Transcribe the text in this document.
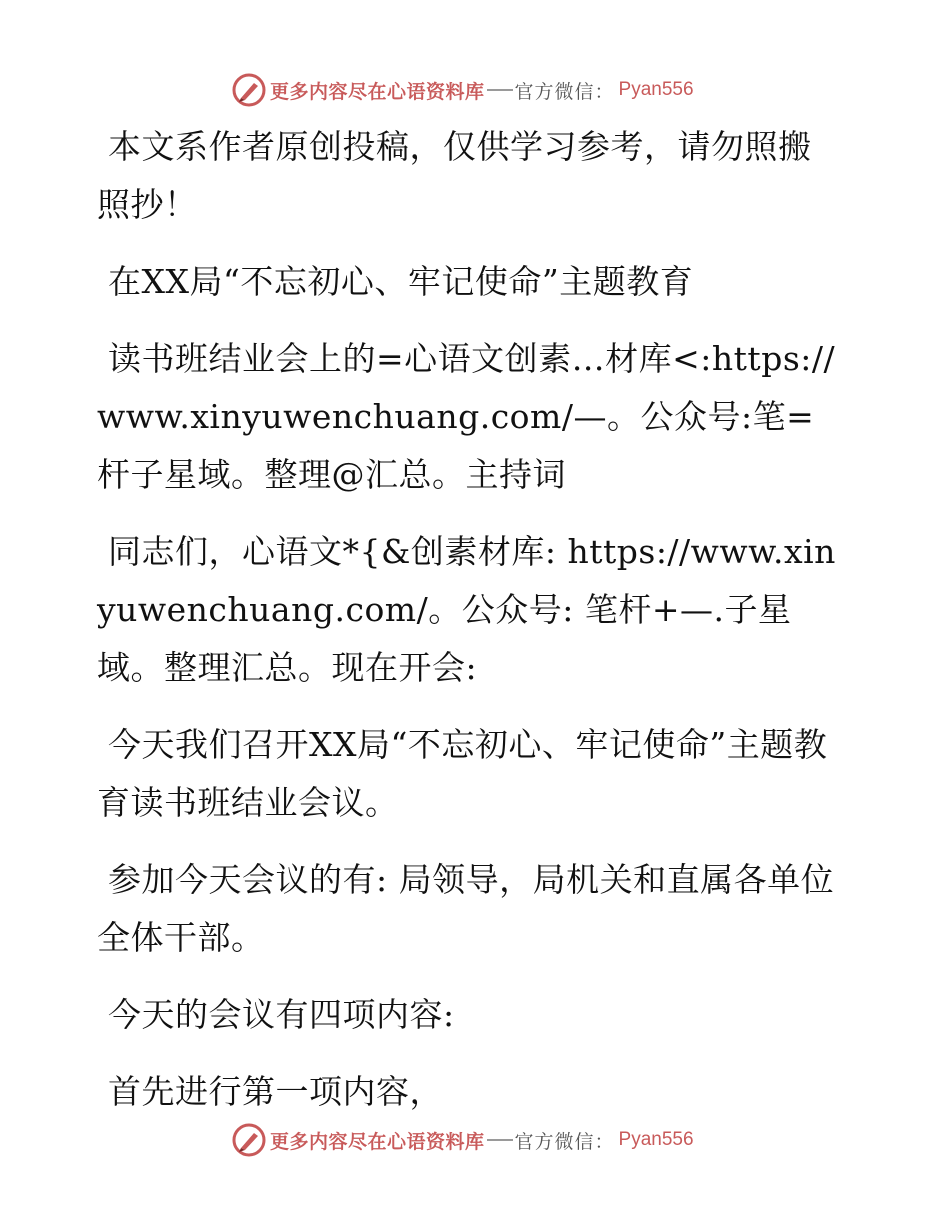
更多内容尽在心语资料库 官方微信： Pyan556

本文系作者原创投稿，仅供学习参考，请勿照搬照抄！

在XX局“不忘初心、牢记使命”主题教育

读书班结业会上的=心语文创素…材库<:https://www.xinyuwenchuang.com/—。公众号:笔=杆子星域。整理@汇总。主持词

同志们，心语文*{&创素材库: https://www.xinyuwenchuang.com/。公众号: 笔杆+—.子星域。整理汇总。现在开会:

今天我们召开XX局“不忘初心、牢记使命”主题教育读书班结业会议。

参加今天会议的有: 局领导，局机关和直属各单位全体干部。

今天的会议有四项内容:

首先进行第一项内容，

更多内容尽在心语资料库 官方微信： Pyan556
